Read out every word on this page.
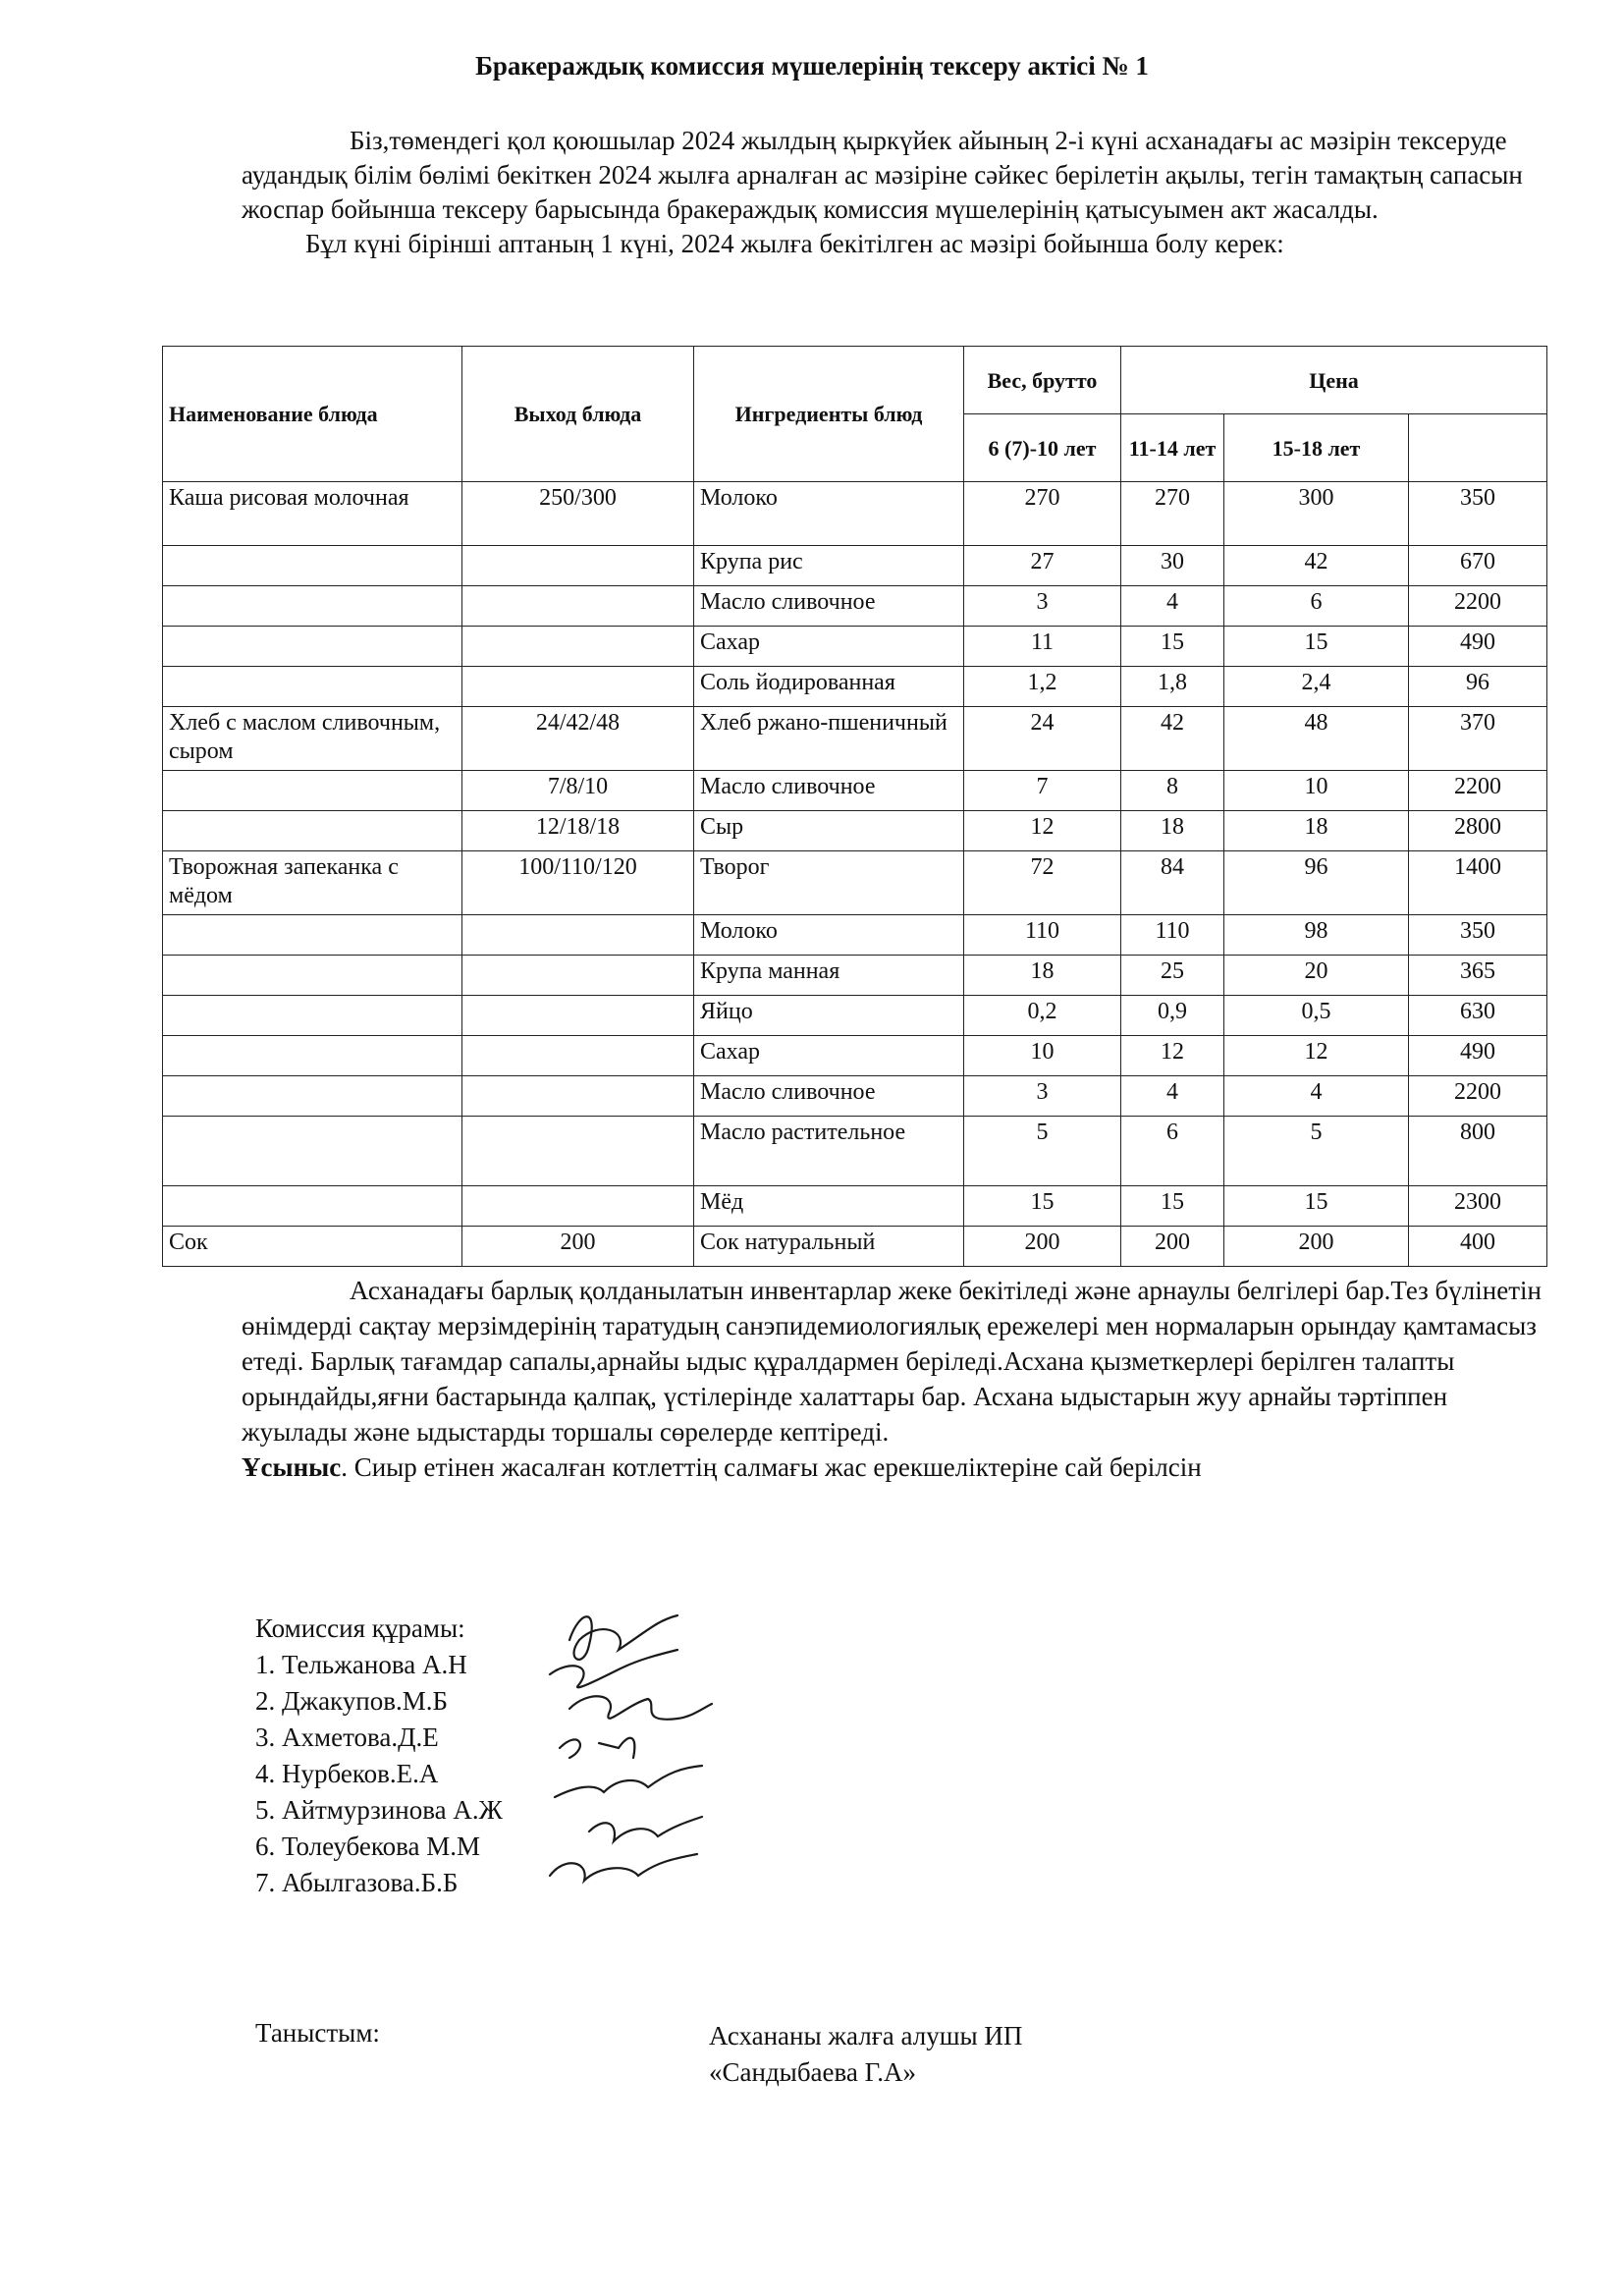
Бракераждық комиссия мүшелерінің тексеру актісі № 1

Біз,төмендегі қол қоюшылар 2024 жылдың қыркүйек айының 2-і күні асханадағы ас мәзірін тексеруде аудандық білім бөлімі бекіткен 2024 жылға арналған ас мәзіріне сәйкес берілетін ақылы, тегін тамақтың сапасын жоспар бойынша тексеру барысында бракераждық комиссия мүшелерінің қатысуымен акт жасалды.

Бұл күні бірінші аптаның 1 күні, 2024 жылға бекітілген ас мәзірі бойынша болу керек:

Наименование блюда	Выход блюда	Ингредиенты блюд	Вес, брутто	Цена		
			6 (7)-10 лет	11-14 лет	15-18 лет	
Каша рисовая молочная	250/300	Молоко	270	270	300	350
		Крупа рис	27	30	42	670
		Масло сливочное	3	4	6	2200
		Сахар	11	15	15	490
		Соль йодированная	1,2	1,8	2,4	96
Хлеб с маслом сливочным, сыром	24/42/48	Хлеб ржано-пшеничный	24	42	48	370
	7/8/10	Масло сливочное	7	8	10	2200
	12/18/18	Сыр	12	18	18	2800
Творожная запеканка с мёдом	100/110/120	Творог	72	84	96	1400
		Молоко	110	110	98	350
		Крупа манная	18	25	20	365
		Яйцо	0,2	0,9	0,5	630
		Сахар	10	12	12	490
		Масло сливочное	3	4	4	2200
		Масло растительное	5	6	5	800
		Мёд	15	15	15	2300
Сок	200	Сок натуральный	200	200	200	400

Асханадағы барлық қолданылатын инвентарлар жеке бекітіледі және арнаулы белгілері бар.Тез бүлінетін өнімдерді сақтау мерзімдерінің таратудың санэпидемиологиялық ережелері мен нормаларын орындау қамтамасыз етеді. Барлық тағамдар сапалы,арнайы ыдыс құралдармен беріледі.Асхана қызметкерлері берілген талапты орындайды,яғни бастарында қалпақ, үстілерінде халаттары бар. Асхана ыдыстарын жуу арнайы тәртіппен жуылады және ыдыстарды торшалы сөрелерде кептіреді.

Ұсыныс. Сиыр етінен жасалған котлеттің салмағы жас ерекшеліктеріне сай берілсін

Комиссия құрамы:
1. Тельжанова А.Н
2. Джакупов.М.Б
3. Ахметова.Д.Е
4. Нурбеков.Е.А
5. Айтмурзинова А.Ж
6. Толеубекова М.М
7. Абылгазова.Б.Б
Таныстым:	Асхананы жалға алушы ИП
«Сандыбаева Г.А»
